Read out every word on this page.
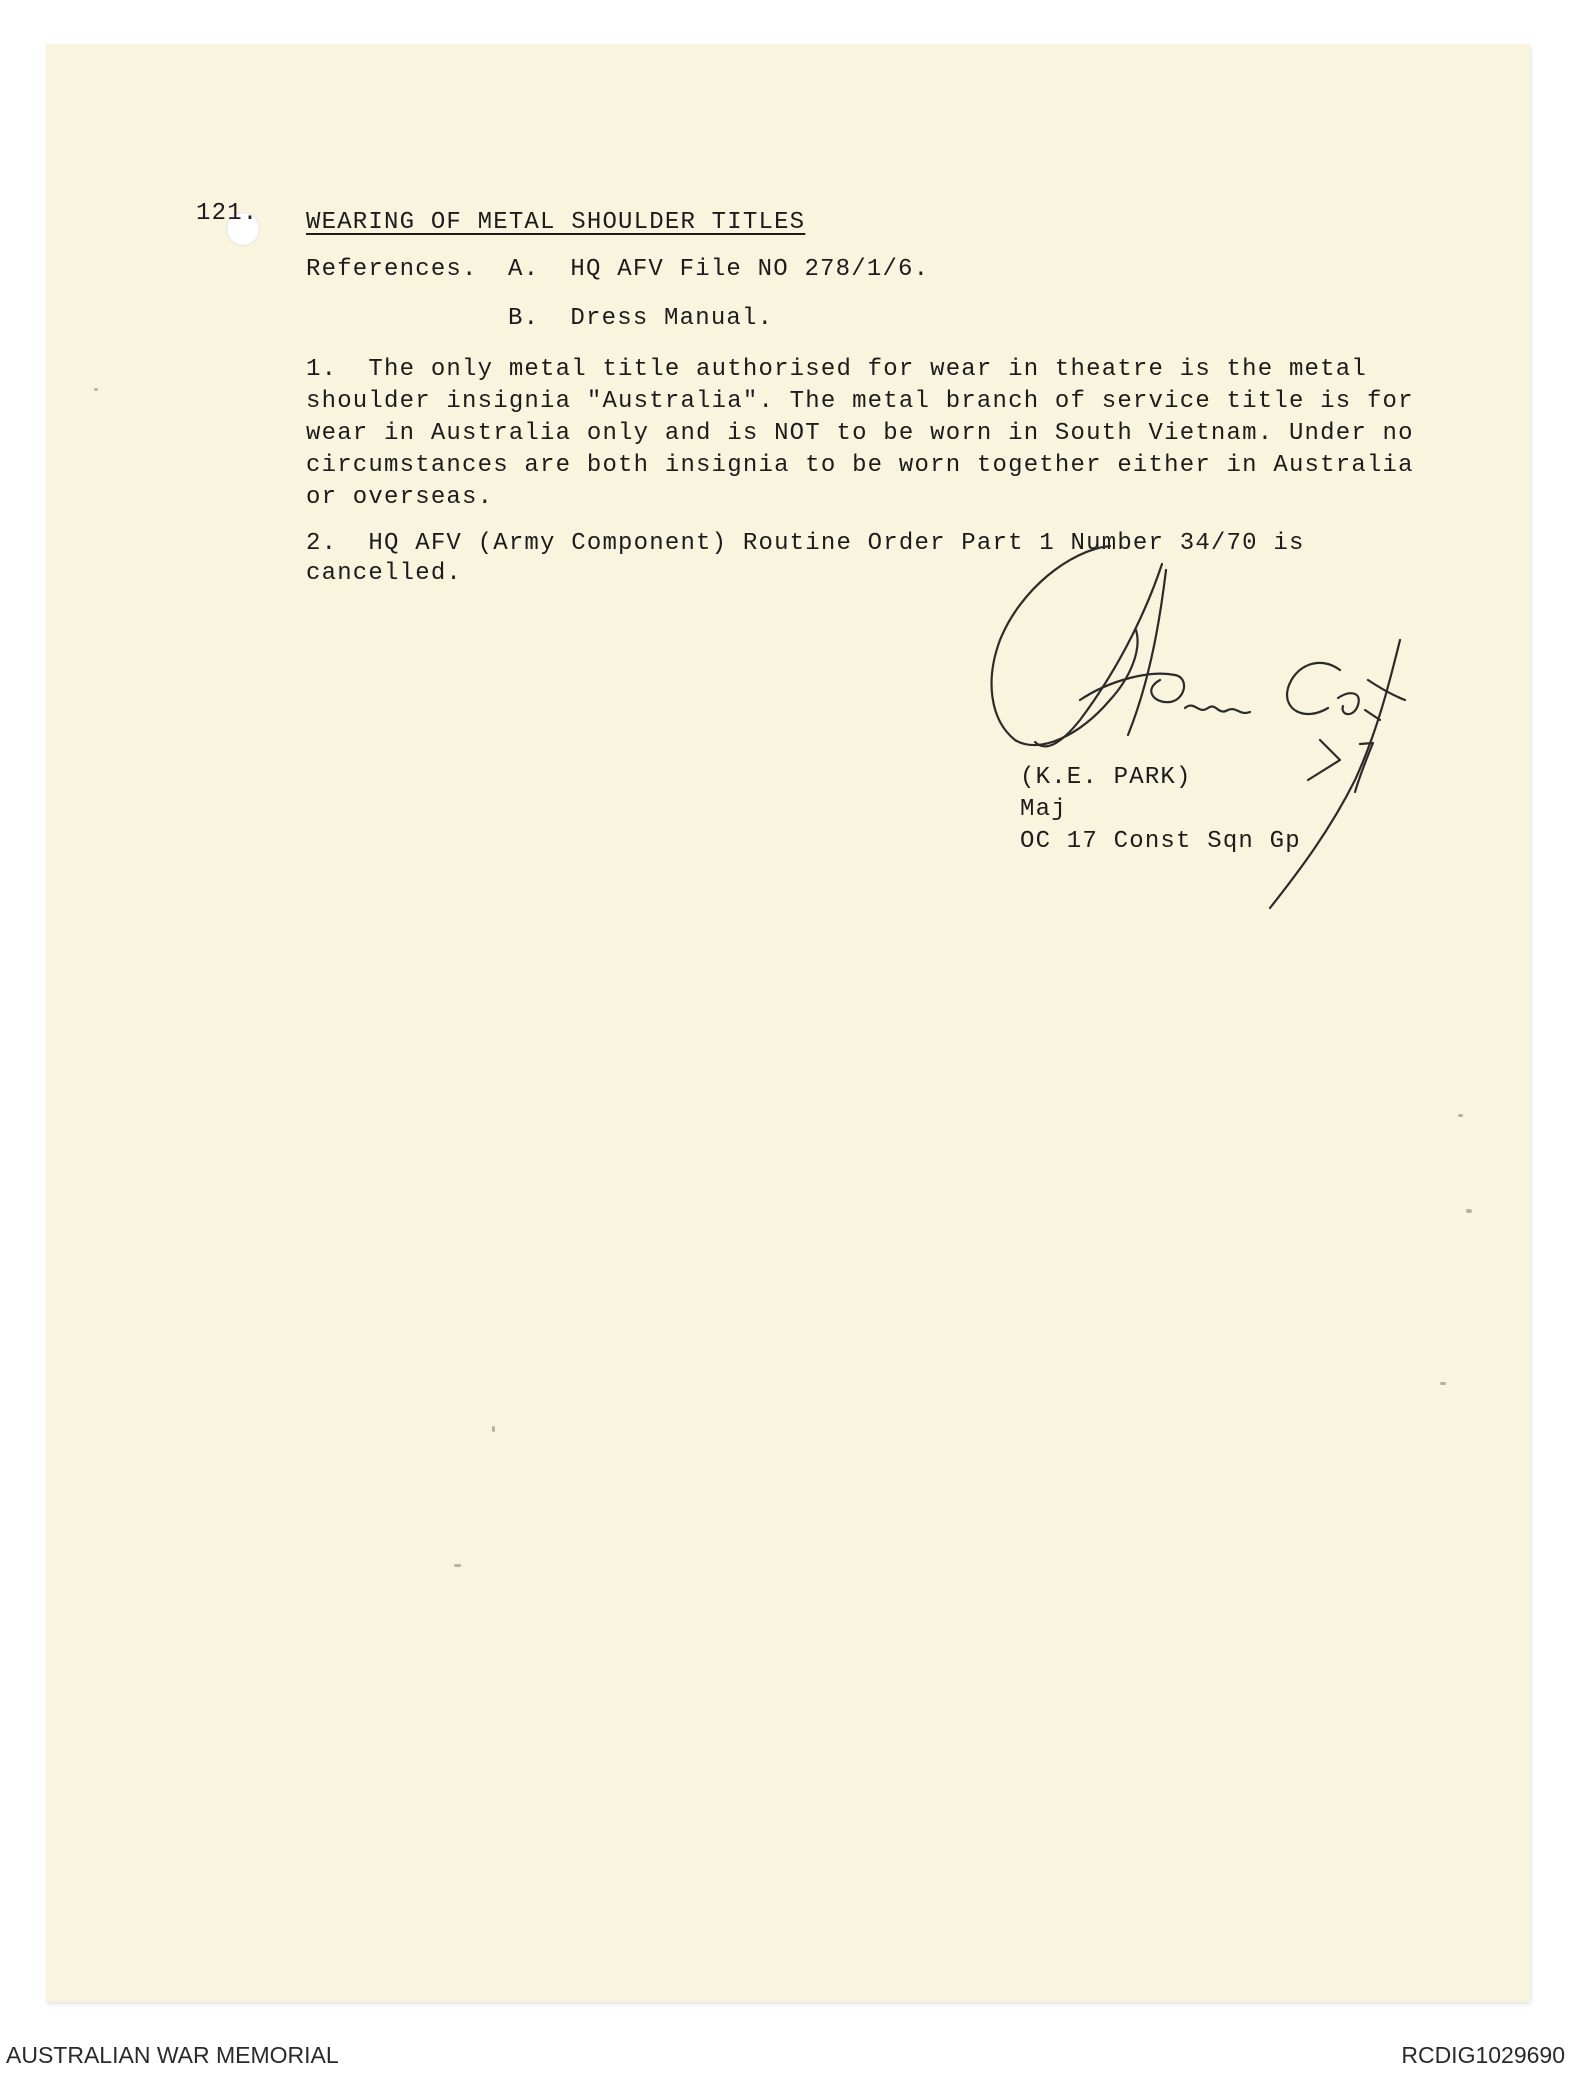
121. WEARING OF METAL SHOULDER TITLES
References. A.  HQ AFV File NO 278/1/6.
B.  Dress Manual.
1.  The only metal title authorised for wear in theatre is the metal
shoulder insignia "Australia". The metal branch of service title is for
wear in Australia only and is NOT to be worn in South Vietnam. Under no
circumstances are both insignia to be worn together either in Australia
or overseas.
2.  HQ AFV (Army Component) Routine Order Part 1 Number 34/70 is
cancelled.
(K.E. PARK)
Maj
OC 17 Const Sqn Gp
AUSTRALIAN WAR MEMORIAL	RCDIG1029690
